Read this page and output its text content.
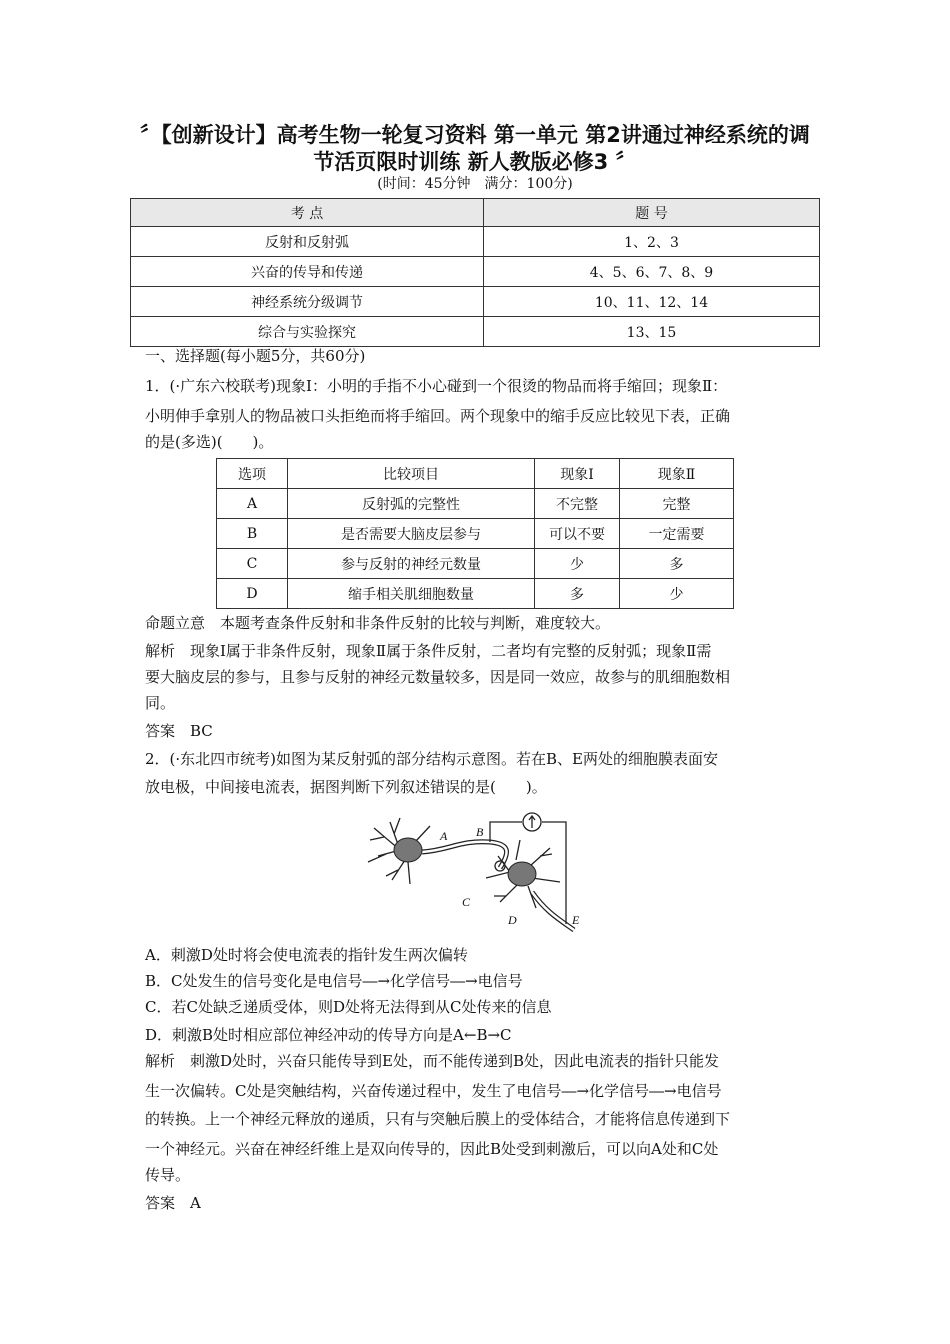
〞【创新设计】高考生物一轮复习资料 第一单元 第2讲通过神经系统的调节活页限时训练 新人教版必修3 〞
(时间：45分钟　满分：100分)
考 点	题 号
反射和反射弧	1、2、3
兴奋的传导和传递	4、5、6、7、8、9
神经系统分级调节	10、11、12、14
综合与实验探究	13、15
一、选择题(每小题5分，共60分)
1．(·广东六校联考)现象Ⅰ：小明的手指不小心碰到一个很烫的物品而将手缩回；现象Ⅱ：
小明伸手拿别人的物品被口头拒绝而将手缩回。两个现象中的缩手反应比较见下表，正确
的是(多选)(　　)。
选项	比较项目	现象Ⅰ	现象Ⅱ
A	反射弧的完整性	不完整	完整
B	是否需要大脑皮层参与	可以不要	一定需要
C	参与反射的神经元数量	少	多
D	缩手相关肌细胞数量	多	少
命题立意　本题考查条件反射和非条件反射的比较与判断，难度较大。
解析　现象Ⅰ属于非条件反射，现象Ⅱ属于条件反射，二者均有完整的反射弧；现象Ⅱ需
要大脑皮层的参与，且参与反射的神经元数量较多，因是同一效应，故参与的肌细胞数相
同。
答案　BC
2．(·东北四市统考)如图为某反射弧的部分结构示意图。若在B、E两处的细胞膜表面安
放电极，中间接电流表，据图判断下列叙述错误的是(　　)。
A B
C
D	E
A．刺激D处时将会使电流表的指针发生两次偏转
B．C处发生的信号变化是电信号―→化学信号―→电信号
C．若C处缺乏递质受体，则D处将无法得到从C处传来的信息
D．刺激B处时相应部位神经冲动的传导方向是A←B→C
解析　刺激D处时，兴奋只能传导到E处，而不能传递到B处，因此电流表的指针只能发
生一次偏转。C处是突触结构，兴奋传递过程中，发生了电信号―→化学信号―→电信号
的转换。上一个神经元释放的递质，只有与突触后膜上的受体结合，才能将信息传递到下
一个神经元。兴奋在神经纤维上是双向传导的，因此B处受到刺激后，可以向A处和C处
传导。
答案　A
